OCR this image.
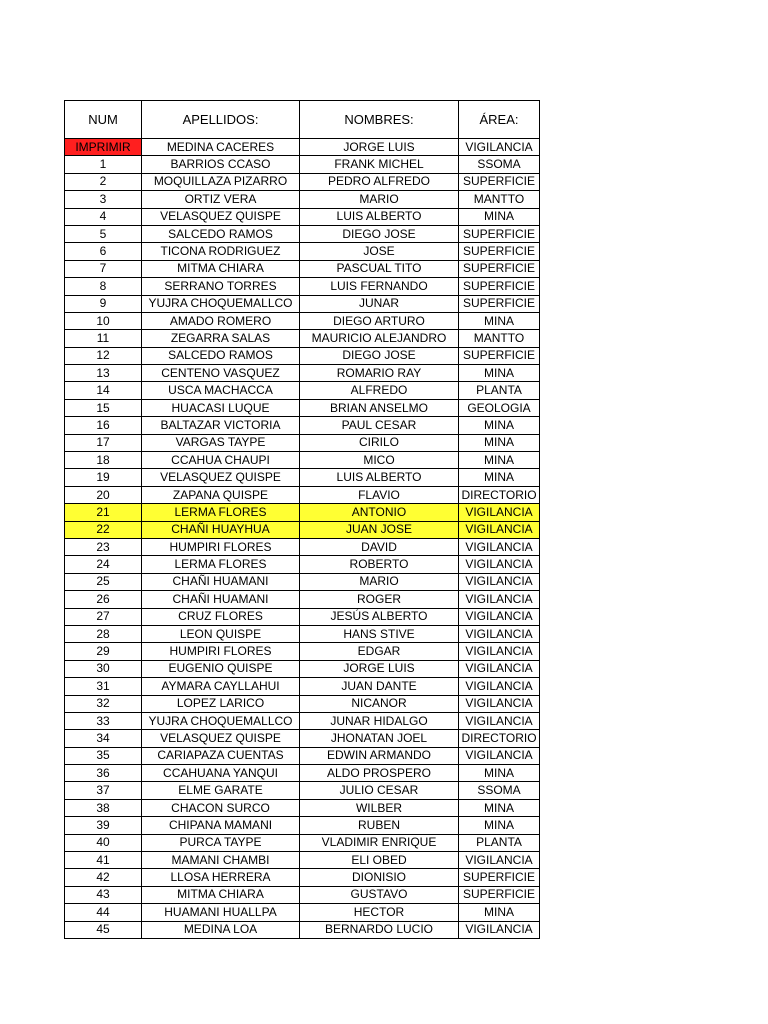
NUM	APELLIDOS:	NOMBRES:	ÁREA:
IMPRIMIR	MEDINA CACERES	JORGE LUIS	VIGILANCIA
1	BARRIOS CCASO	FRANK MICHEL	SSOMA
2	MOQUILLAZA PIZARRO	PEDRO ALFREDO	SUPERFICIE
3	ORTIZ VERA	MARIO	MANTTO
4	VELASQUEZ QUISPE	LUIS ALBERTO	MINA
5	SALCEDO RAMOS	DIEGO JOSE	SUPERFICIE
6	TICONA RODRIGUEZ	JOSE	SUPERFICIE
7	MITMA CHIARA	PASCUAL TITO	SUPERFICIE
8	SERRANO TORRES	LUIS FERNANDO	SUPERFICIE
9	YUJRA CHOQUEMALLCO	JUNAR	SUPERFICIE
10	AMADO ROMERO	DIEGO ARTURO	MINA
11	ZEGARRA SALAS	MAURICIO ALEJANDRO	MANTTO
12	SALCEDO RAMOS	DIEGO JOSE	SUPERFICIE
13	CENTENO VASQUEZ	ROMARIO RAY	MINA
14	USCA MACHACCA	ALFREDO	PLANTA
15	HUACASI LUQUE	BRIAN ANSELMO	GEOLOGIA
16	BALTAZAR VICTORIA	PAUL CESAR	MINA
17	VARGAS TAYPE	CIRILO	MINA
18	CCAHUA CHAUPI	MICO	MINA
19	VELASQUEZ QUISPE	LUIS ALBERTO	MINA
20	ZAPANA QUISPE	FLAVIO	DIRECTORIO
21	LERMA FLORES	ANTONIO	VIGILANCIA
22	CHAÑI HUAYHUA	JUAN JOSE	VIGILANCIA
23	HUMPIRI FLORES	DAVID	VIGILANCIA
24	LERMA FLORES	ROBERTO	VIGILANCIA
25	CHAÑI HUAMANI	MARIO	VIGILANCIA
26	CHAÑI HUAMANI	ROGER	VIGILANCIA
27	CRUZ FLORES	JESÚS ALBERTO	VIGILANCIA
28	LEON QUISPE	HANS STIVE	VIGILANCIA
29	HUMPIRI FLORES	EDGAR	VIGILANCIA
30	EUGENIO QUISPE	JORGE LUIS	VIGILANCIA
31	AYMARA CAYLLAHUI	JUAN DANTE	VIGILANCIA
32	LOPEZ LARICO	NICANOR	VIGILANCIA
33	YUJRA CHOQUEMALLCO	JUNAR HIDALGO	VIGILANCIA
34	VELASQUEZ QUISPE	JHONATAN JOEL	DIRECTORIO
35	CARIAPAZA CUENTAS	EDWIN ARMANDO	VIGILANCIA
36	CCAHUANA YANQUI	ALDO PROSPERO	MINA
37	ELME GARATE	JULIO CESAR	SSOMA
38	CHACON SURCO	WILBER	MINA
39	CHIPANA MAMANI	RUBEN	MINA
40	PURCA TAYPE	VLADIMIR ENRIQUE	PLANTA
41	MAMANI CHAMBI	ELI OBED	VIGILANCIA
42	LLOSA HERRERA	DIONISIO	SUPERFICIE
43	MITMA CHIARA	GUSTAVO	SUPERFICIE
44	HUAMANI HUALLPA	HECTOR	MINA
45	MEDINA LOA	BERNARDO LUCIO	VIGILANCIA
